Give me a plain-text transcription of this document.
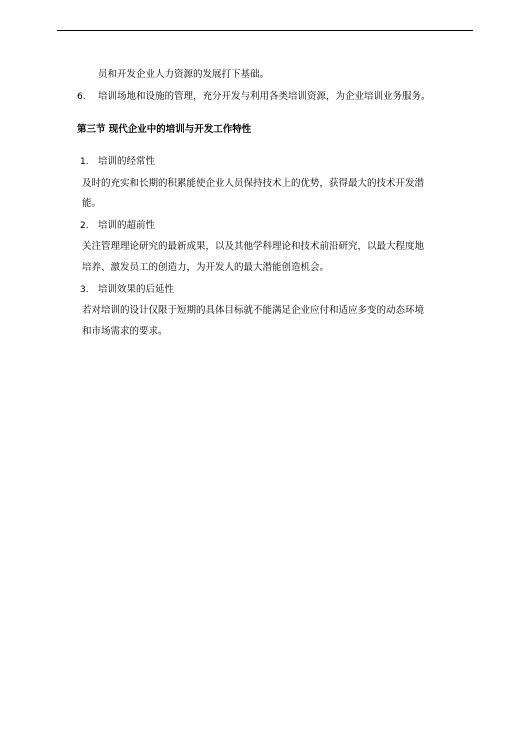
员和开发企业人力资源的发展打下基础。
6. 培训场地和设施的管理，充分开发与利用各类培训资源，为企业培训业务服务。
第三节 现代企业中的培训与开发工作特性
1. 培训的经常性
及时的充实和长期的积累能使企业人员保持技术上的优势，获得最大的技术开发潜
能。
2. 培训的超前性
关注管理理论研究的最新成果，以及其他学科理论和技术前沿研究，以最大程度地
培养、激发员工的创造力，为开发人的最大潜能创造机会。
3. 培训效果的后延性
若对培训的设计仅限于短期的具体目标就不能满足企业应付和适应多变的动态环境
和市场需求的要求。
